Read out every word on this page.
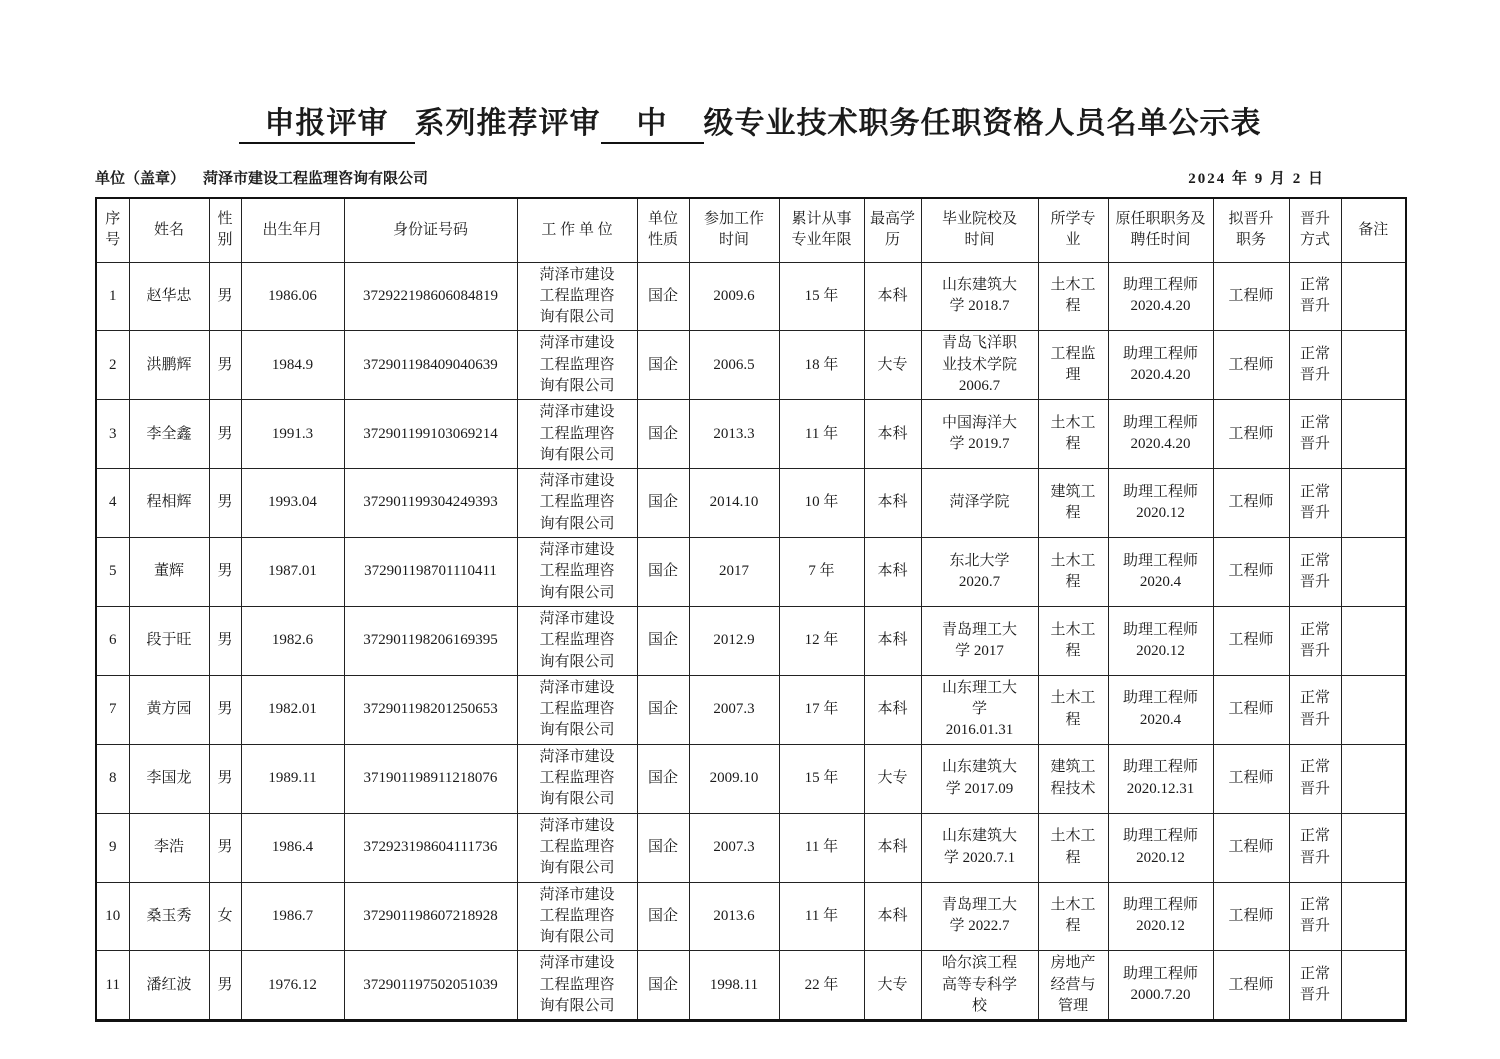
申报评审 系列推荐评审 中 级专业技术职务任职资格人员名单公示表
单位（盖章） 菏泽市建设工程监理咨询有限公司	2024 年 9 月 2 日
序号	姓名	性别	出生年月	身份证号码	工 作 单 位	单位性质	参加工作时间	累计从事专业年限	最高学历	毕业院校及时间	所学专业	原任职职务及聘任时间	拟晋升职务	晋升方式	备注
1	赵华忠	男	1986.06	372922198606084819	菏泽市建设工程监理咨询有限公司	国企	2009.6	15 年	本科	山东建筑大学 2018.7	土木工程	助理工程师 2020.4.20	工程师	正常晋升	
2	洪鹏辉	男	1984.9	372901198409040639	菏泽市建设工程监理咨询有限公司	国企	2006.5	18 年	大专	青岛飞洋职业技术学院 2006.7	工程监理	助理工程师 2020.4.20	工程师	正常晋升	
3	李全鑫	男	1991.3	372901199103069214	菏泽市建设工程监理咨询有限公司	国企	2013.3	11 年	本科	中国海洋大学 2019.7	土木工程	助理工程师 2020.4.20	工程师	正常晋升	
4	程相辉	男	1993.04	372901199304249393	菏泽市建设工程监理咨询有限公司	国企	2014.10	10 年	本科	菏泽学院	建筑工程	助理工程师 2020.12	工程师	正常晋升	
5	董辉	男	1987.01	372901198701110411	菏泽市建设工程监理咨询有限公司	国企	2017	7 年	本科	东北大学 2020.7	土木工程	助理工程师 2020.4	工程师	正常晋升	
6	段于旺	男	1982.6	372901198206169395	菏泽市建设工程监理咨询有限公司	国企	2012.9	12 年	本科	青岛理工大学 2017	土木工程	助理工程师 2020.12	工程师	正常晋升	
7	黄方园	男	1982.01	372901198201250653	菏泽市建设工程监理咨询有限公司	国企	2007.3	17 年	本科	山东理工大学 2016.01.31	土木工程	助理工程师 2020.4	工程师	正常晋升	
8	李国龙	男	1989.11	371901198911218076	菏泽市建设工程监理咨询有限公司	国企	2009.10	15 年	大专	山东建筑大学 2017.09	建筑工程技术	助理工程师 2020.12.31	工程师	正常晋升	
9	李浩	男	1986.4	372923198604111736	菏泽市建设工程监理咨询有限公司	国企	2007.3	11 年	本科	山东建筑大学 2020.7.1	土木工程	助理工程师 2020.12	工程师	正常晋升	
10	桑玉秀	女	1986.7	372901198607218928	菏泽市建设工程监理咨询有限公司	国企	2013.6	11 年	本科	青岛理工大学 2022.7	土木工程	助理工程师 2020.12	工程师	正常晋升	
11	潘红波	男	1976.12	372901197502051039	菏泽市建设工程监理咨询有限公司	国企	1998.11	22 年	大专	哈尔滨工程高等专科学校	房地产经营与管理	助理工程师 2000.7.20	工程师	正常晋升	
